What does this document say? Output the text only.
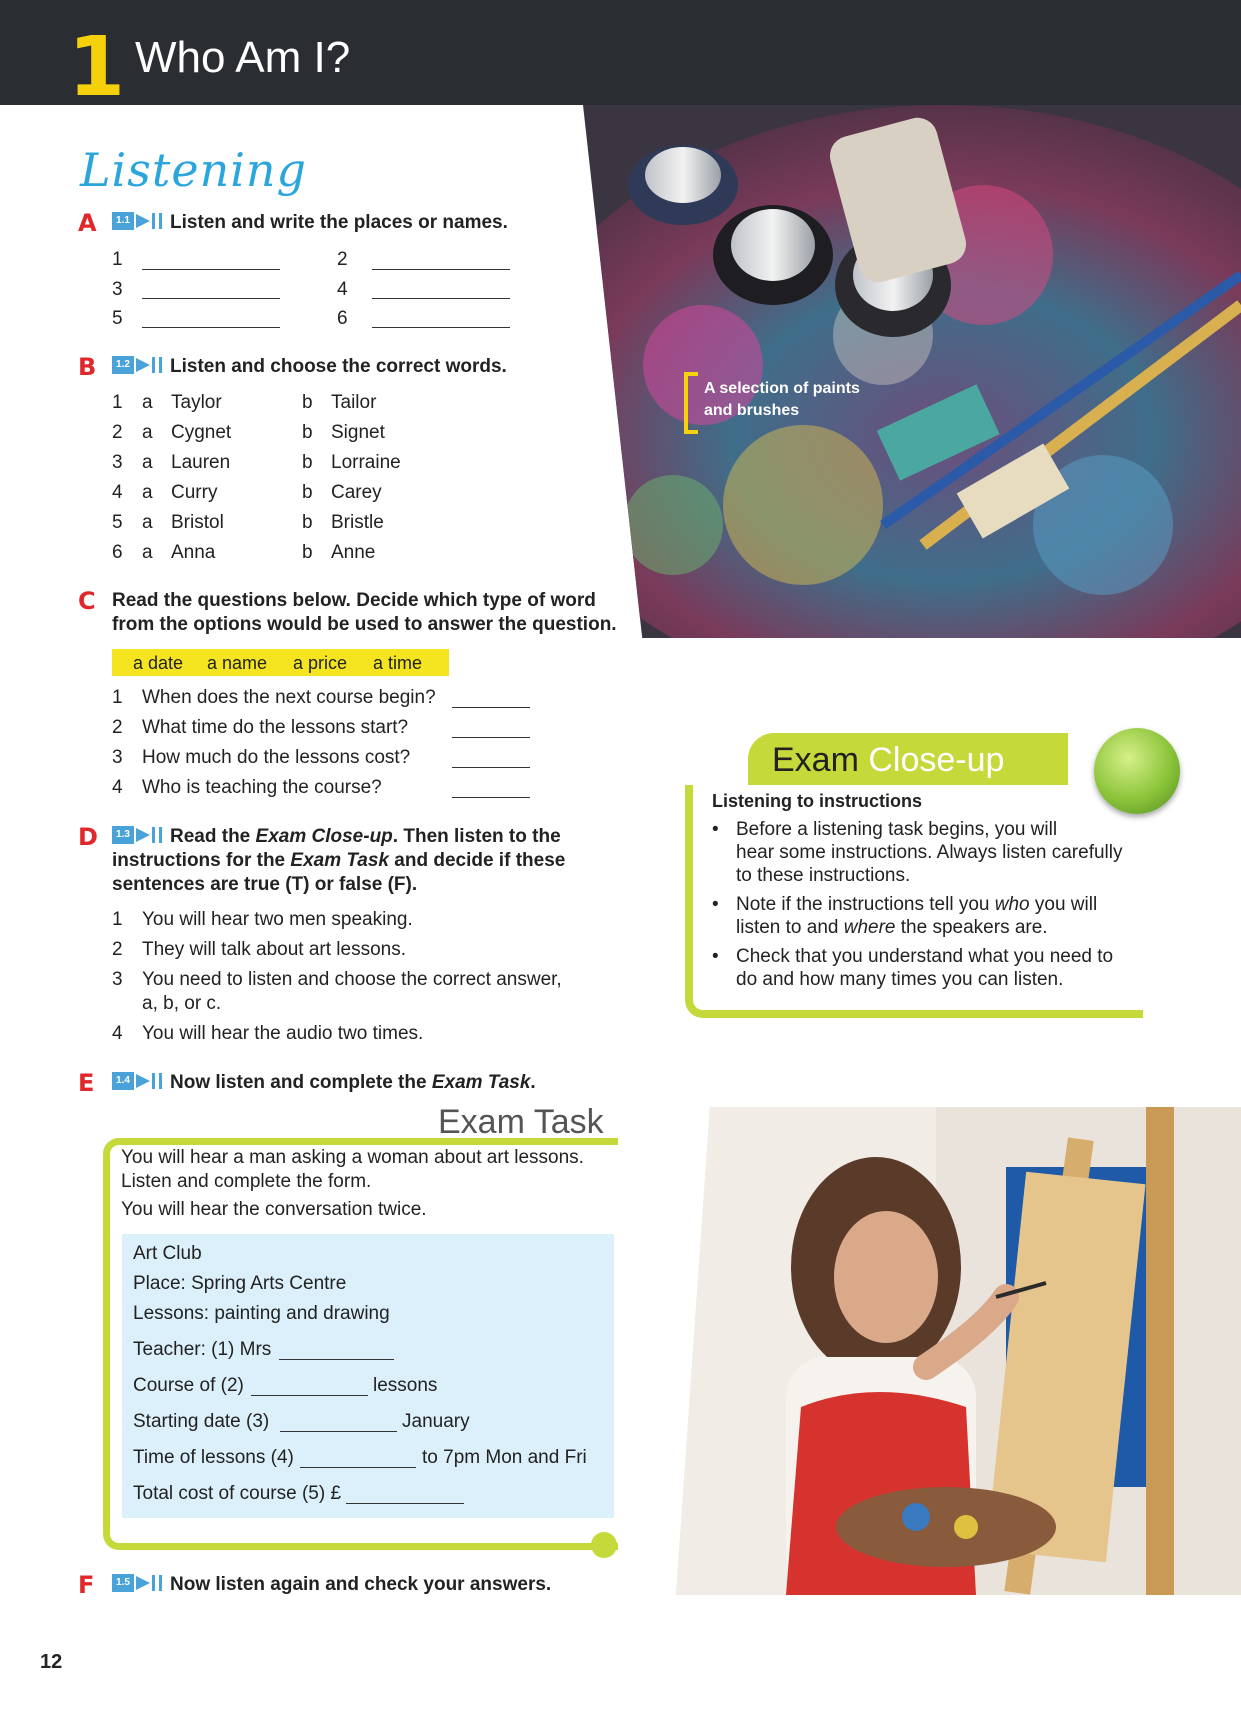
1 Who Am I?
A selection of paints
and brushes
Listening
A	1.1 Listen and write the places or names.
1	2
3	4
5	6
B	1.2 Listen and choose the correct words.
1 a Taylor	b Tailor
2 a Cygnet	b Signet
3 a Lauren	b Lorraine
4 a Curry	b Carey
5 a Bristol	b Bristle
6 a Anna	b Anne
C Read the questions below. Decide which type of word
from the options would be used to answer the question.
a date a name a price a time
1 When does the next course begin?
2 What time do the lessons start?
3 How much do the lessons cost?
4 Who is teaching the course?
D	1.3 Read the Exam Close-up. Then listen to the
instructions for the Exam Task and decide if these
sentences are true (T) or false (F).
1 You will hear two men speaking.
2 They will talk about art lessons.
3 You need to listen and choose the correct answer,
a, b, or c.
4 You will hear the audio two times.
Exam Close-up
Listening to instructions
• Before a listening task begins, you will
hear some instructions. Always listen carefully
to these instructions.
• Note if the instructions tell you who you will
listen to and where the speakers are.
• Check that you understand what you need to
do and how many times you can listen.
E	1.4 Now listen and complete the Exam Task.
Exam Task
You will hear a man asking a woman about art lessons.
Listen and complete the form.
You will hear the conversation twice.
Art Club
Place: Spring Arts Centre
Lessons: painting and drawing
Teacher: (1) Mrs
Course of (2)	lessons
Starting date (3)	January
Time of lessons (4)	to 7pm Mon and Fri
Total cost of course (5) £
F	1.5 Now listen again and check your answers.
12
